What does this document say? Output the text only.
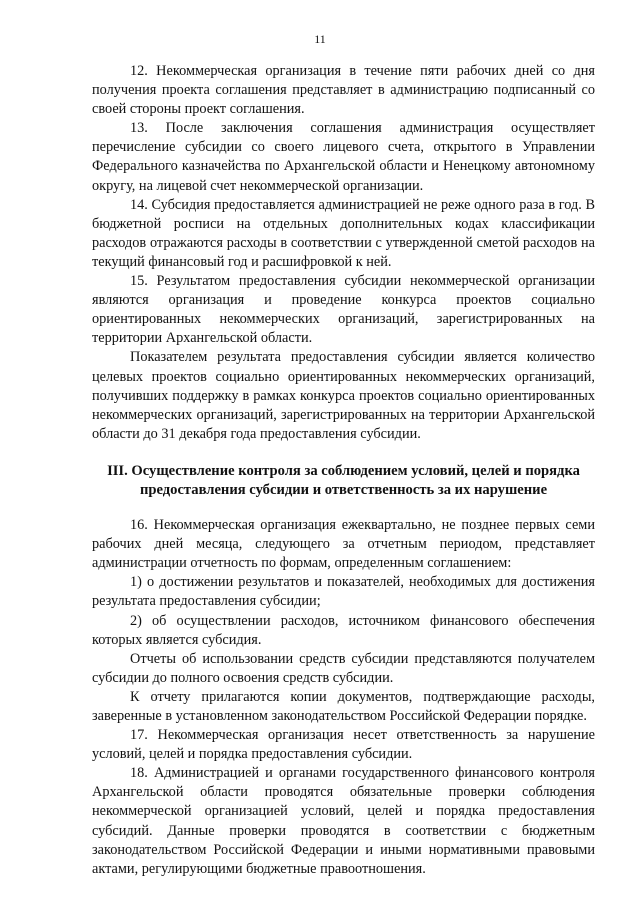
11

12. Некоммерческая организация в течение пяти рабочих дней со дня получения проекта соглашения представляет в администрацию подписанный со своей стороны проект соглашения.

13. После заключения соглашения администрация осуществляет перечисление субсидии со своего лицевого счета, открытого в Управлении Федерального казначейства по Архангельской области и Ненецкому автономному округу, на лицевой счет некоммерческой организации.

14. Субсидия предоставляется администрацией не реже одного раза в год. В бюджетной росписи на отдельных дополнительных кодах классификации расходов отражаются расходы в соответствии с утвержденной сметой расходов на текущий финансовый год и расшифровкой к ней.

15. Результатом предоставления субсидии некоммерческой организации являются организация и проведение конкурса проектов социально ориентированных некоммерческих организаций, зарегистрированных на территории Архангельской области.

Показателем результата предоставления субсидии является количество целевых проектов социально ориентированных некоммерческих организаций, получивших поддержку в рамках конкурса проектов социально ориентированных некоммерческих организаций, зарегистрированных на территории Архангельской области до 31 декабря года предоставления субсидии.

III. Осуществление контроля за соблюдением условий, целей и порядка предоставления субсидии и ответственность за их нарушение

16. Некоммерческая организация ежеквартально, не позднее первых семи рабочих дней месяца, следующего за отчетным периодом, представляет администрации отчетность по формам, определенным соглашением:

1) о достижении результатов и показателей, необходимых для достижения результата предоставления субсидии;

2) об осуществлении расходов, источником финансового обеспечения которых является субсидия.

Отчеты об использовании средств субсидии представляются получателем субсидии до полного освоения средств субсидии.

К отчету прилагаются копии документов, подтверждающие расходы, заверенные в установленном законодательством Российской Федерации порядке.

17. Некоммерческая организация несет ответственность за нарушение условий, целей и порядка предоставления субсидии.

18. Администрацией и органами государственного финансового контроля Архангельской области проводятся обязательные проверки соблюдения некоммерческой организацией условий, целей и порядка предоставления субсидий. Данные проверки проводятся в соответствии с бюджетным законодательством Российской Федерации и иными нормативными правовыми актами, регулирующими бюджетные правоотношения.
